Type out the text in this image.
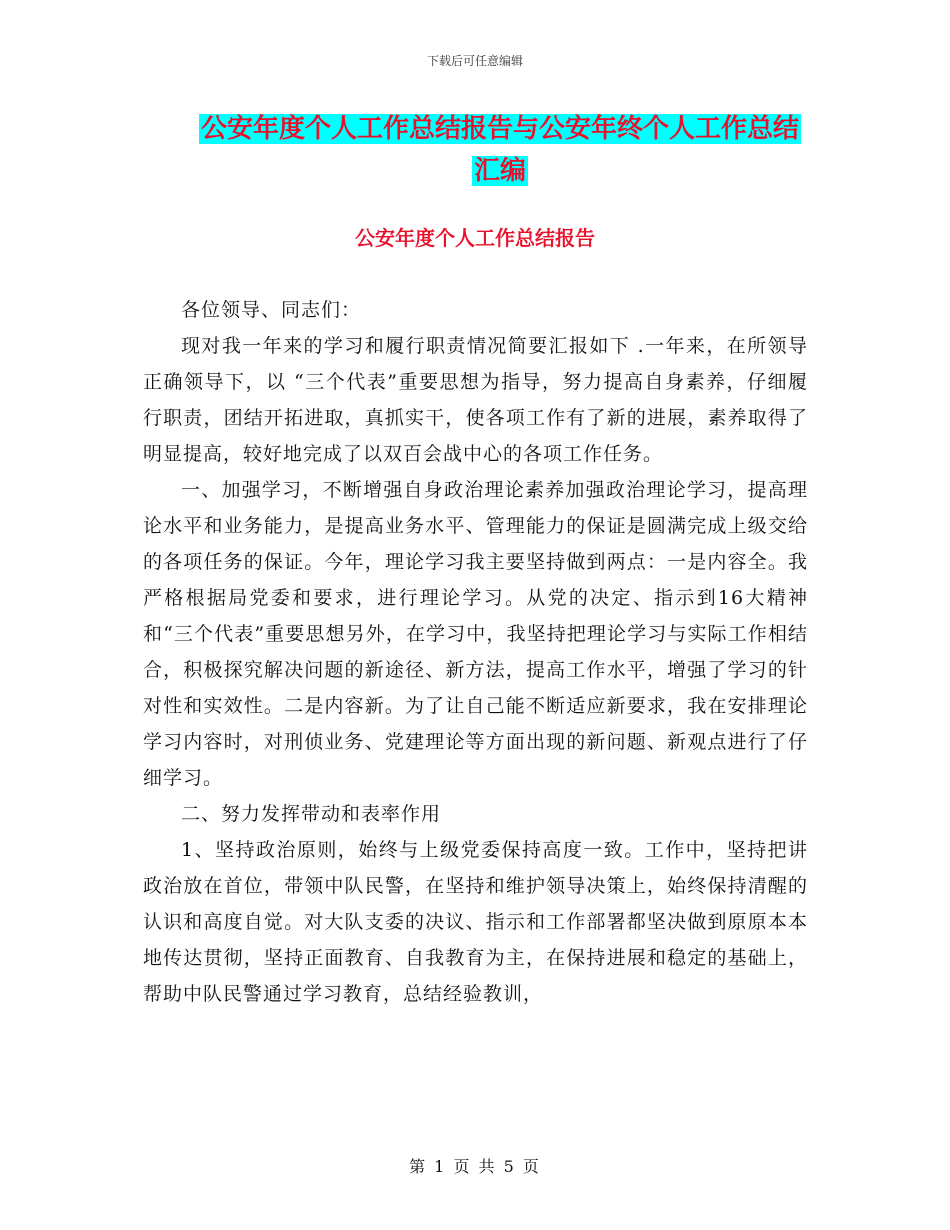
下载后可任意编辑
公安年度个人工作总结报告与公安年终个人工作总结
汇编
公安年度个人工作总结报告

各位领导、同志们：

现对我一年来的学习和履行职责情况简要汇报如下 .一年来，在所领导正确领导下，以 “三个代表”重要思想为指导，努力提高自身素养，仔细履行职责，团结开拓进取，真抓实干，使各项工作有了新的进展，素养取得了明显提高，较好地完成了以双百会战中心的各项工作任务。

一、加强学习，不断增强自身政治理论素养加强政治理论学习，提高理论水平和业务能力，是提高业务水平、管理能力的保证是圆满完成上级交给的各项任务的保证。今年，理论学习我主要坚持做到两点：一是内容全。我严格根据局党委和要求，进行理论学习。从党的决定、指示到16大精神和“三个代表”重要思想另外，在学习中，我坚持把理论学习与实际工作相结合，积极探究解决问题的新途径、新方法，提高工作水平，增强了学习的针对性和实效性。二是内容新。为了让自己能不断适应新要求，我在安排理论学习内容时，对刑侦业务、党建理论等方面出现的新问题、新观点进行了仔细学习。

二、努力发挥带动和表率作用

1、坚持政治原则，始终与上级党委保持高度一致。工作中，坚持把讲政治放在首位，带领中队民警，在坚持和维护领导决策上，始终保持清醒的认识和高度自觉。对大队支委的决议、指示和工作部署都坚决做到原原本本地传达贯彻，坚持正面教育、自我教育为主，在保持进展和稳定的基础上，帮助中队民警通过学习教育，总结经验教训，

第 1 页 共 5 页
